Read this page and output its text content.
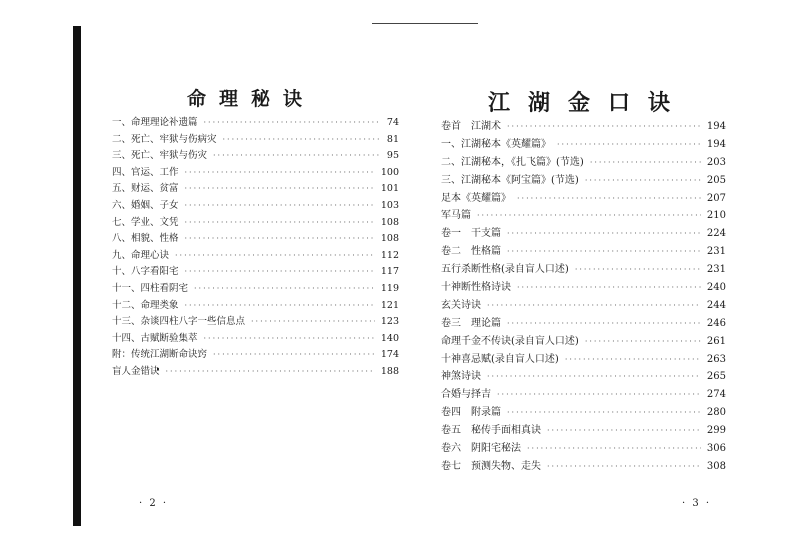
命理秘诀
一、命理理论补遗篇 ·····	74
二、死亡、牢狱与伤病灾 ·····	81
三、死亡、牢狱与伤灾 ·····	95
四、官运、工作 ·····	100
五、财运、贫富 ·····	101
六、婚姻、子女 ·····	103
七、学业、文凭 ·····	108
八、相貌、性格 ·····	108
九、命理心诀 ·····	112
十、八字看阳宅 ·····	117
十一、四柱看阴宅 ·····	119
十二、命理类象 ·····	121
十三、杂谈四柱八字一些信息点 ·····	123
十四、古赋断验集萃 ·····	140
附：传统江湖断命诀窍 ·····	174
盲人金错诀 ·····	188
· 2 ·
江湖金口诀
卷首　江湖术 ·····	194
一、江湖秘本《英耀篇》 ·····	194
二、江湖秘本，《扎飞篇》(节选) ·····	203
三、江湖秘本《阿宝篇》(节选) ·····	205
足本《英耀篇》 ·····	207
军马篇 ·····	210
卷一　干支篇 ·····	224
卷二　性格篇 ·····	231
五行杀断性格(录自盲人口述) ·····	231
十神断性格诗诀 ·····	240
玄关诗诀 ·····	244
卷三　理论篇 ·····	246
命理千金不传诀(录自盲人口述) ·····	261
十神喜忌赋(录自盲人口述) ·····	263
神煞诗诀 ·····	265
合婚与择吉 ·····	274
卷四　附录篇 ·····	280
卷五　秘传手面相真诀 ·····	299
卷六　阴阳宅秘法 ·····	306
卷七　预测失物、走失 ·····	308
· 3 ·
